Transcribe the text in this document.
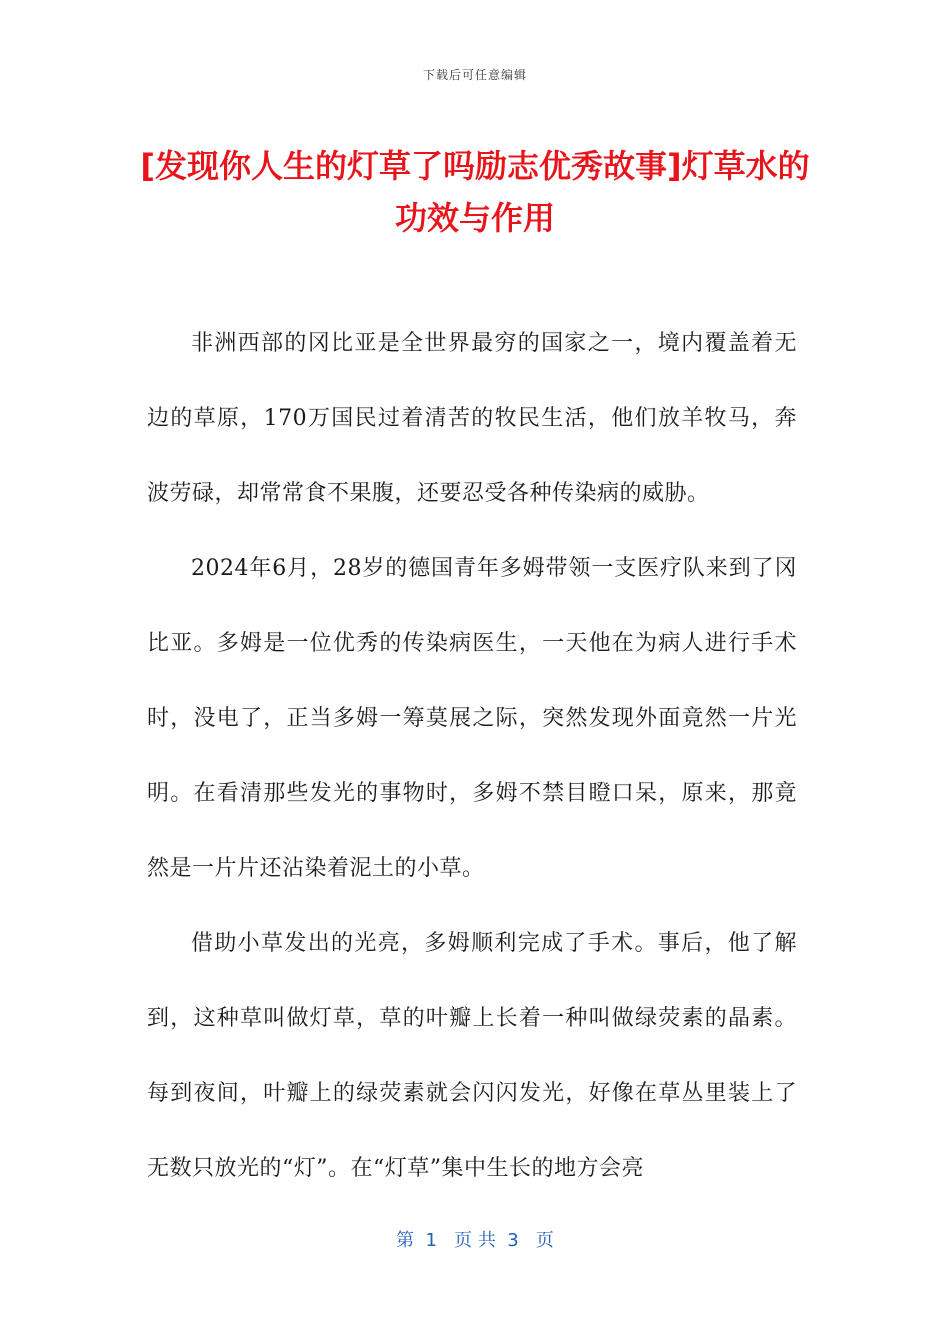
下载后可任意编辑
[发现你人生的灯草了吗励志优秀故事]灯草水的功效与作用

非洲西部的冈比亚是全世界最穷的国家之一，境内覆盖着无边的草原，170万国民过着清苦的牧民生活，他们放羊牧马，奔波劳碌，却常常食不果腹，还要忍受各种传染病的威胁。

2024年6月，28岁的德国青年多姆带领一支医疗队来到了冈比亚。多姆是一位优秀的传染病医生，一天他在为病人进行手术时，没电了，正当多姆一筹莫展之际，突然发现外面竟然一片光明。在看清那些发光的事物时，多姆不禁目瞪口呆，原来，那竟然是一片片还沾染着泥土的小草。

借助小草发出的光亮，多姆顺利完成了手术。事后，他了解到，这种草叫做灯草，草的叶瓣上长着一种叫做绿荧素的晶素。每到夜间，叶瓣上的绿荧素就会闪闪发光，好像在草丛里装上了无数只放光的“灯”。在“灯草”集中生长的地方会亮

第  1   页 共  3   页
